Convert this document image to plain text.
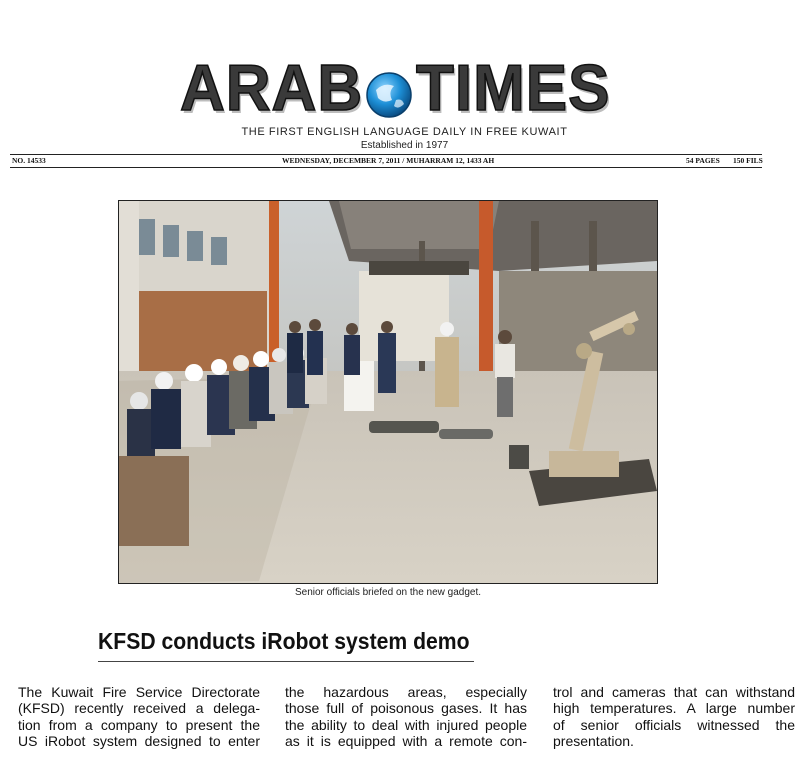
ARAB TIMES
THE FIRST ENGLISH LANGUAGE DAILY IN FREE KUWAIT
Established in 1977
NO. 14533	WEDNESDAY, DECEMBER 7, 2011 / MUHARRAM 12, 1433 AH	54 PAGES 150 FILS
Senior officials briefed on the new gadget.
KFSD conducts iRobot system demo
The Kuwait Fire Service Directorate
(KFSD) recently received a delega-
tion from a company to present the
US iRobot system designed to enter
the hazardous areas, especially
those full of poisonous gases. It has
the ability to deal with injured people
as it is equipped with a remote con-
trol and cameras that can withstand
high temperatures. A large number
of senior officials witnessed the
presentation.
